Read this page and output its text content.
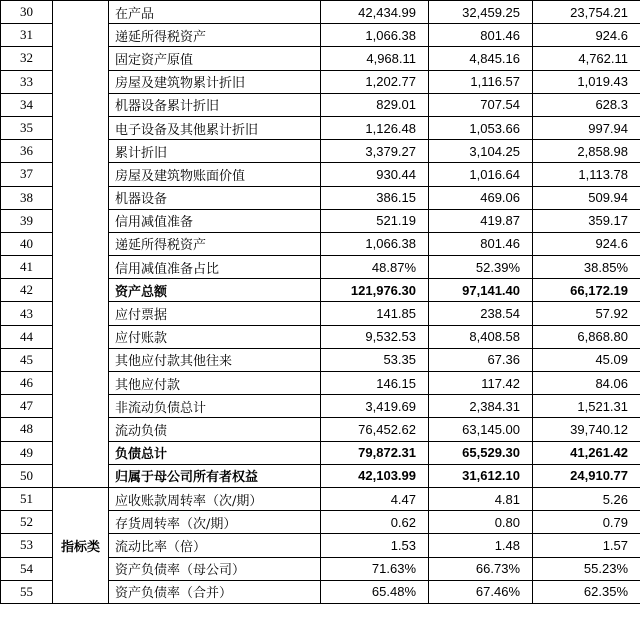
30		在产品	42,434.99	32,459.25	23,754.21
31		递延所得税资产	1,066.38	801.46	924.6
32		固定资产原值	4,968.11	4,845.16	4,762.11
33		房屋及建筑物累计折旧	1,202.77	1,116.57	1,019.43
34		机器设备累计折旧	829.01	707.54	628.3
35		电子设备及其他累计折旧	1,126.48	1,053.66	997.94
36		累计折旧	3,379.27	3,104.25	2,858.98
37		房屋及建筑物账面价值	930.44	1,016.64	1,113.78
38		机器设备	386.15	469.06	509.94
39		信用减值准备	521.19	419.87	359.17
40		递延所得税资产	1,066.38	801.46	924.6
41		信用减值准备占比	48.87%	52.39%	38.85%
42		资产总额	121,976.30	97,141.40	66,172.19
43		应付票据	141.85	238.54	57.92
44		应付账款	9,532.53	8,408.58	6,868.80
45		其他应付款其他往来	53.35	67.36	45.09
46		其他应付款	146.15	117.42	84.06
47		非流动负债总计	3,419.69	2,384.31	1,521.31
48		流动负债	76,452.62	63,145.00	39,740.12
49		负债总计	79,872.31	65,529.30	41,261.42
50		归属于母公司所有者权益	42,103.99	31,612.10	24,910.77
51	指标类	应收账款周转率（次/期）	4.47	4.81	5.26
52		存货周转率（次/期）	0.62	0.80	0.79
53		流动比率（倍）	1.53	1.48	1.57
54		资产负债率（母公司）	71.63%	66.73%	55.23%
55		资产负债率（合并）	65.48%	67.46%	62.35%
